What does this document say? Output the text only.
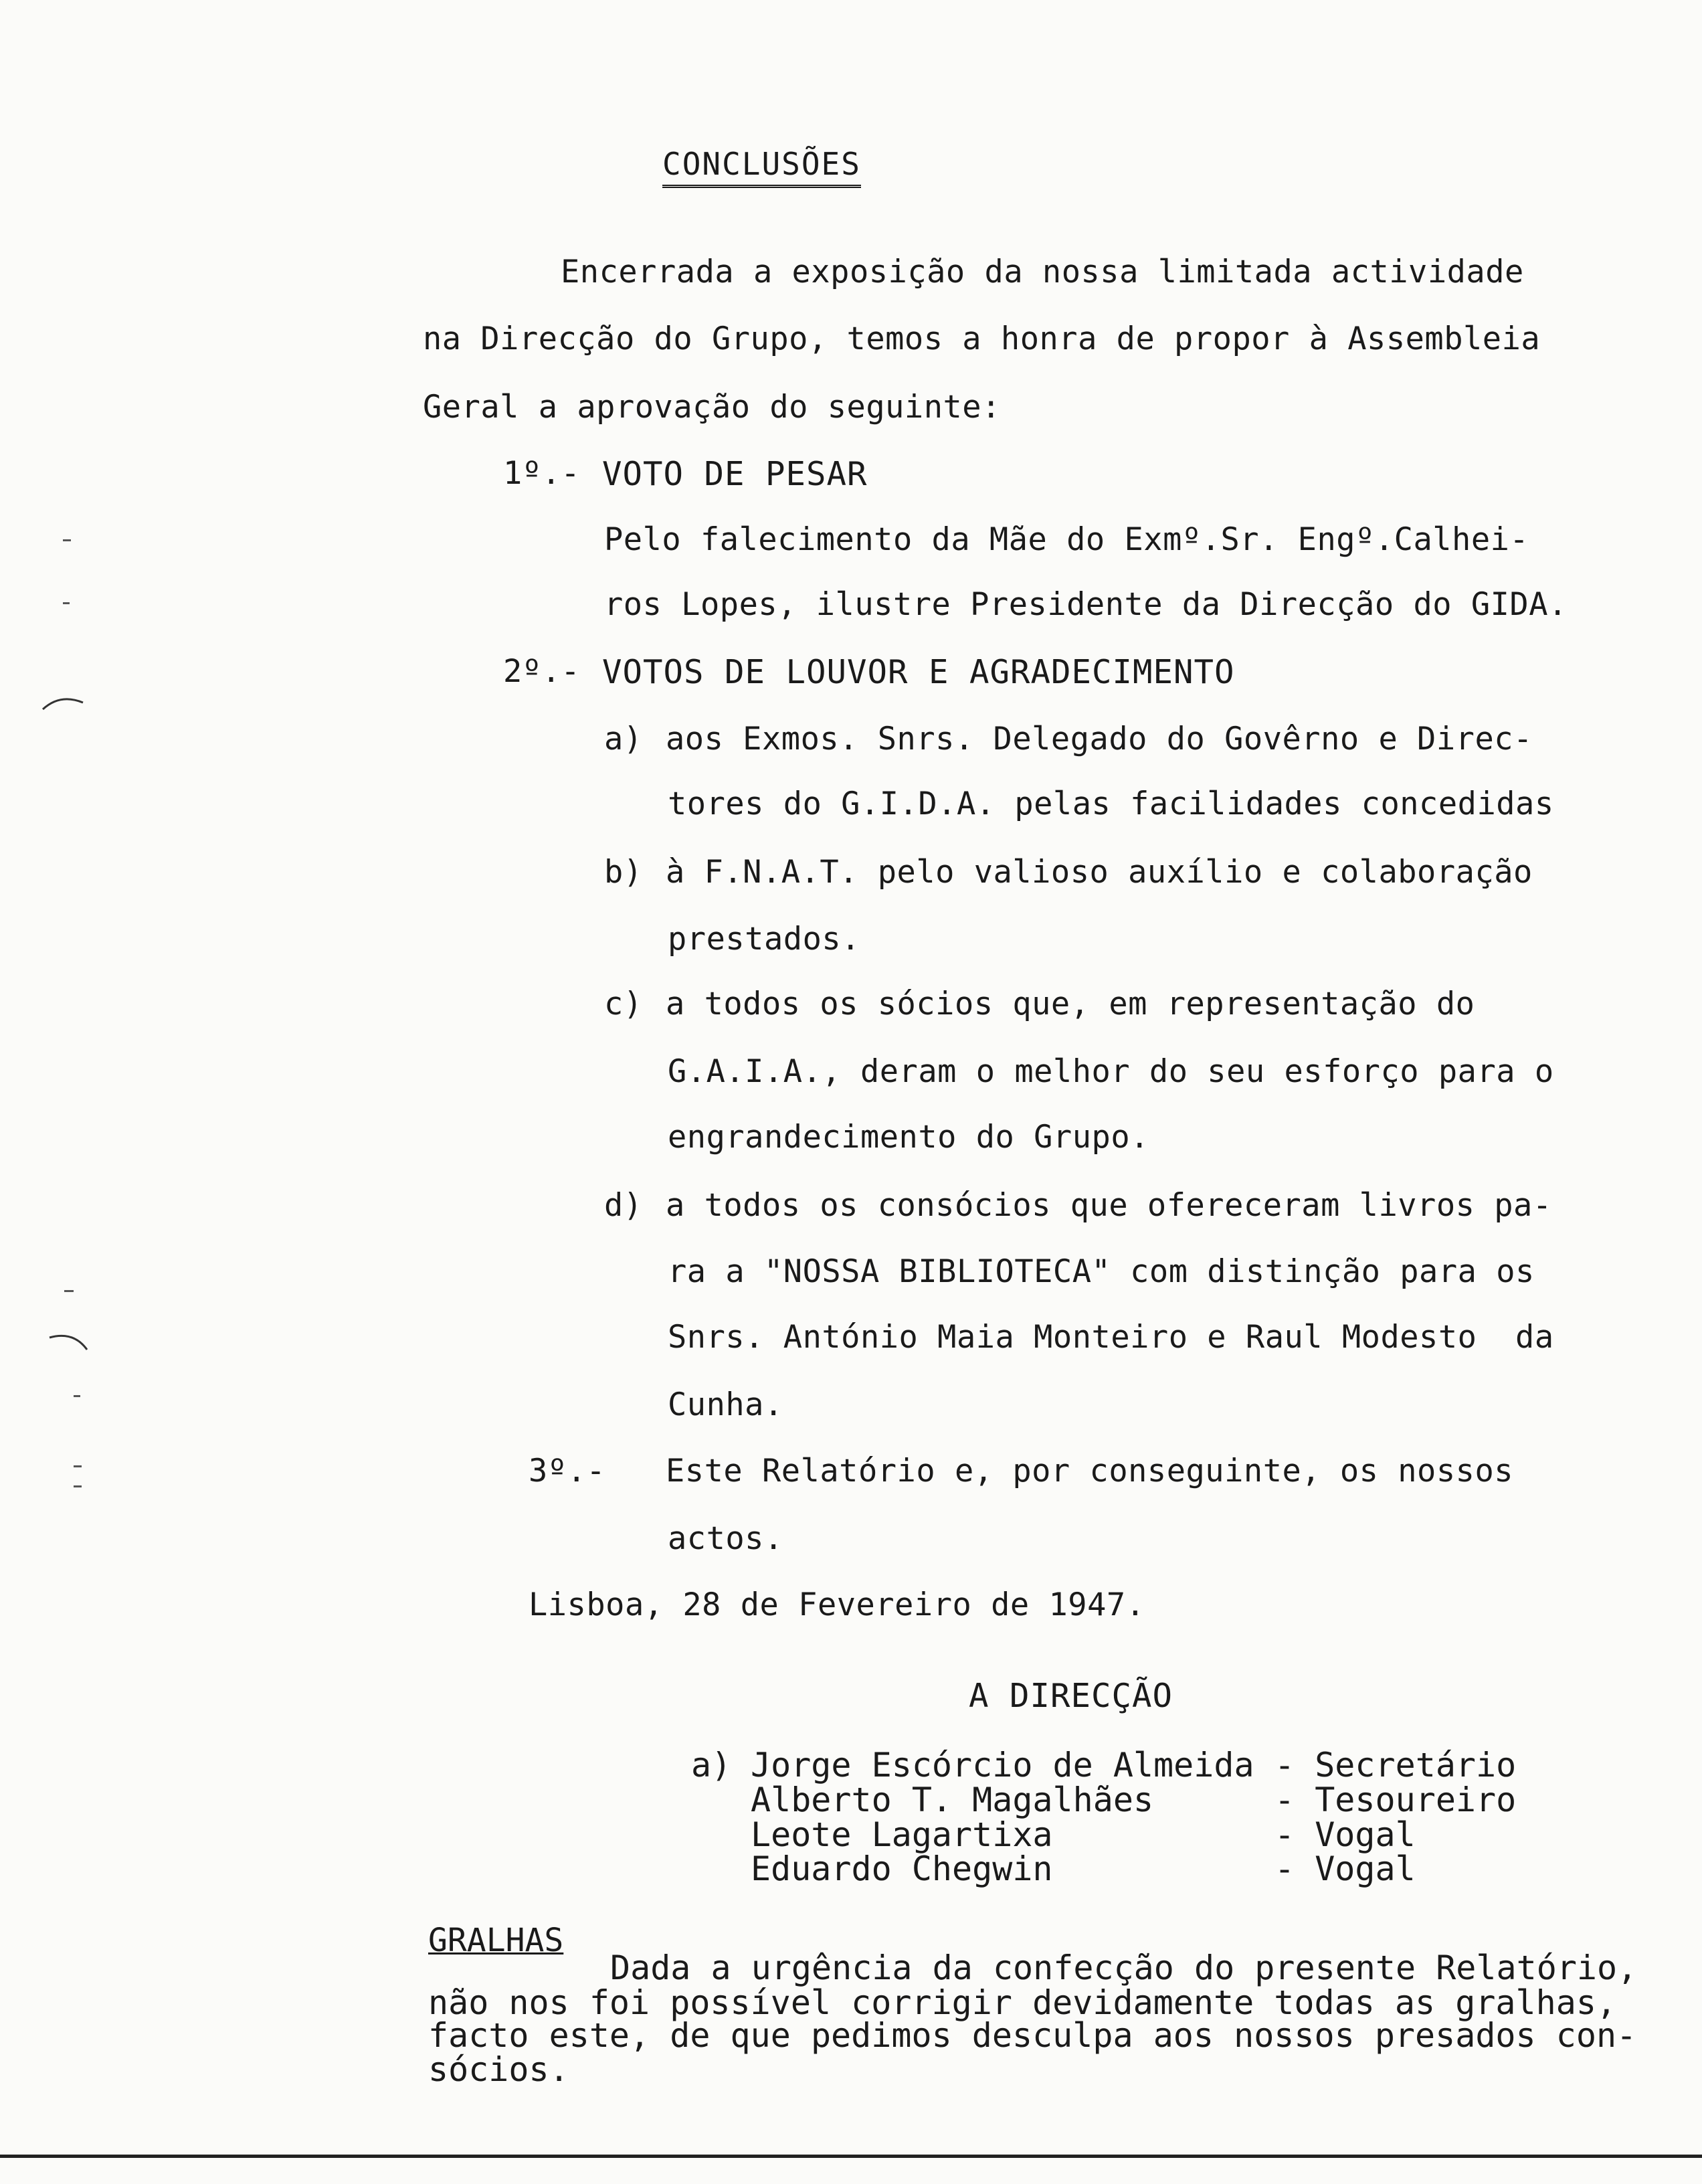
CONCLUSÕES
Encerrada a exposição da nossa limitada actividade
na Direcção do Grupo, temos a honra de propor à Assembleia
Geral a aprovação do seguinte:
1º.- VOTO DE PESAR
Pelo falecimento da Mãe do Exmº.Sr. Engº.Calhei-
ros Lopes, ilustre Presidente da Direcção do GIDA.
2º.- VOTOS DE LOUVOR E AGRADECIMENTO
a) aos Exmos. Snrs. Delegado do Govêrno e Direc-
tores do G.I.D.A. pelas facilidades concedidas
b) à F.N.A.T. pelo valioso auxílio e colaboração
prestados.
c) a todos os sócios que, em representação do
G.A.I.A., deram o melhor do seu esforço para o
engrandecimento do Grupo.
d) a todos os consócios que ofereceram livros pa-
ra a "NOSSA BIBLIOTECA" com distinção para os
Snrs. António Maia Monteiro e Raul Modesto  da
Cunha.
3º.- Este Relatório e, por conseguinte, os nossos
actos.
Lisboa, 28 de Fevereiro de 1947.
A DIRECÇÃO
a) Jorge Escórcio de Almeida - Secretário
Alberto T. Magalhães	- Tesoureiro
Leote Lagartixa	- Vogal
Eduardo Chegwin	- Vogal
GRALHAS
Dada a urgência da confecção do presente Relatório,
não nos foi possível corrigir devidamente todas as gralhas,
facto este, de que pedimos desculpa aos nossos presados con-
sócios.
